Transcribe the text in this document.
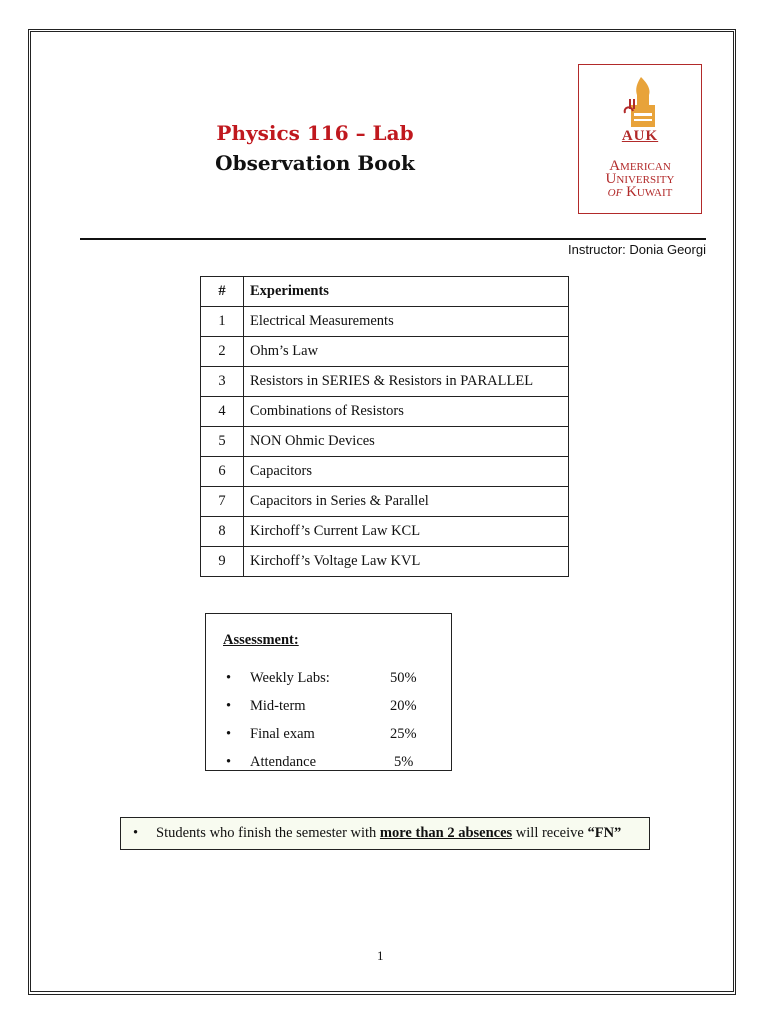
Physics 116 – Lab
Observation Book
AUK
American
University
of Kuwait
Instructor: Donia Georgi
#	Experiments
1	Electrical Measurements
2	Ohm’s Law
3	Resistors in SERIES & Resistors in PARALLEL
4	Combinations of Resistors
5	NON Ohmic Devices
6	Capacitors
7	Capacitors in Series & Parallel
8	Kirchoff’s Current Law KCL
9	Kirchoff’s Voltage Law KVL
Assessment:
• Weekly Labs:	50%
• Mid-term	20%
• Final exam	25%
• Attendance	5%
• Students who finish the semester with more than 2 absences will receive “FN”
1
